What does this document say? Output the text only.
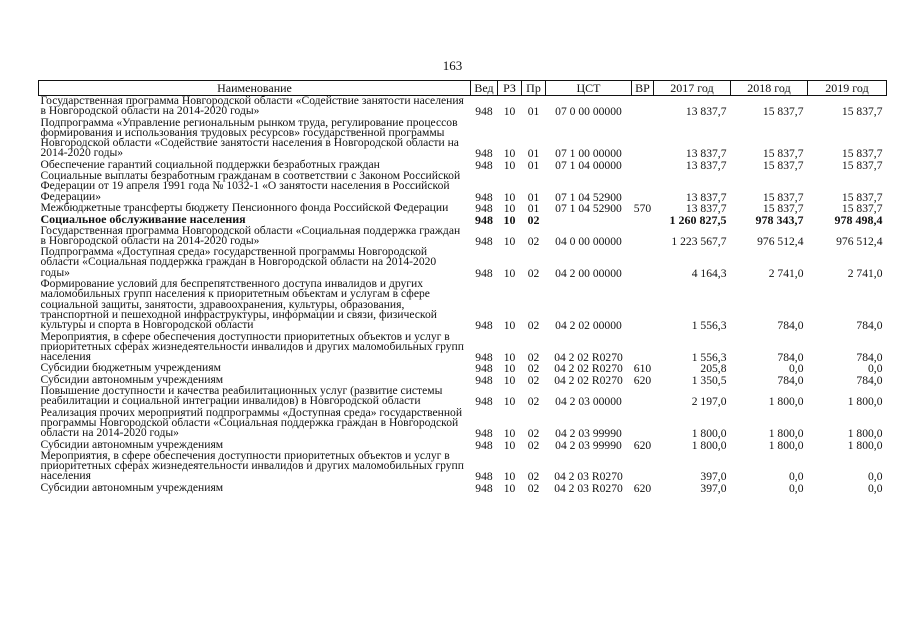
163
Наименование	Вед	РЗ	Пр	ЦСТ	ВР	2017 год	2018 год	2019 год
Государственная программа Новгородской области «Содействие занятости населения в Новгородской области на 2014-2020 годы»	948	10	01	07 0 00 00000		13 837,7	15 837,7	15 837,7
Подпрограмма «Управление региональным рынком труда, регулирование процессов формирования и использования трудовых ресурсов» государственной программы Новгородской области «Содействие занятости населения в Новгородской области на 2014-2020 годы»	948	10	01	07 1 00 00000		13 837,7	15 837,7	15 837,7
Обеспечение гарантий социальной поддержки безработных граждан	948	10	01	07 1 04 00000		13 837,7	15 837,7	15 837,7
Социальные выплаты безработным гражданам в соответствии с Законом Российской Федерации от 19 апреля 1991 года № 1032-1 «О занятости населения в Российской Федерации»	948	10	01	07 1 04 52900		13 837,7	15 837,7	15 837,7
Межбюджетные трансферты бюджету Пенсионного фонда Российской Федерации	948	10	01	07 1 04 52900	570	13 837,7	15 837,7	15 837,7
Социальное обслуживание населения	948	10	02			1 260 827,5	978 343,7	978 498,4
Государственная программа Новгородской области «Социальная поддержка граждан в Новгородской области на 2014-2020 годы»	948	10	02	04 0 00 00000		1 223 567,7	976 512,4	976 512,4
Подпрограмма «Доступная среда» государственной программы Новгородской области «Социальная поддержка граждан в Новгородской области на 2014-2020 годы»	948	10	02	04 2 00 00000		4 164,3	2 741,0	2 741,0
Формирование условий для беспрепятственного доступа инвалидов и других маломобильных групп населения к приоритетным объектам и услугам в сфере социальной защиты, занятости, здравоохранения, культуры, образования, транспортной и пешеходной инфраструктуры, информации и связи, физической культуры и спорта в Новгородской области	948	10	02	04 2 02 00000		1 556,3	784,0	784,0
Мероприятия, в сфере обеспечения доступности приоритетных объектов и услуг в приоритетных сферах жизнедеятельности инвалидов и других маломобильных групп населения	948	10	02	04 2 02 R0270		1 556,3	784,0	784,0
Субсидии бюджетным учреждениям	948	10	02	04 2 02 R0270	610	205,8	0,0	0,0
Субсидии автономным учреждениям	948	10	02	04 2 02 R0270	620	1 350,5	784,0	784,0
Повышение доступности и качества реабилитационных услуг (развитие системы реабилитации и социальной интеграции инвалидов) в Новгородской области	948	10	02	04 2 03 00000		2 197,0	1 800,0	1 800,0
Реализация прочих мероприятий подпрограммы «Доступная среда» государственной программы Новгородской области «Социальная поддержка граждан в Новгородской области на 2014-2020 годы»	948	10	02	04 2 03 99990		1 800,0	1 800,0	1 800,0
Субсидии автономным учреждениям	948	10	02	04 2 03 99990	620	1 800,0	1 800,0	1 800,0
Мероприятия, в сфере обеспечения доступности приоритетных объектов и услуг в приоритетных сферах жизнедеятельности инвалидов и других маломобильных групп населения	948	10	02	04 2 03 R0270		397,0	0,0	0,0
Субсидии автономным учреждениям	948	10	02	04 2 03 R0270	620	397,0	0,0	0,0
